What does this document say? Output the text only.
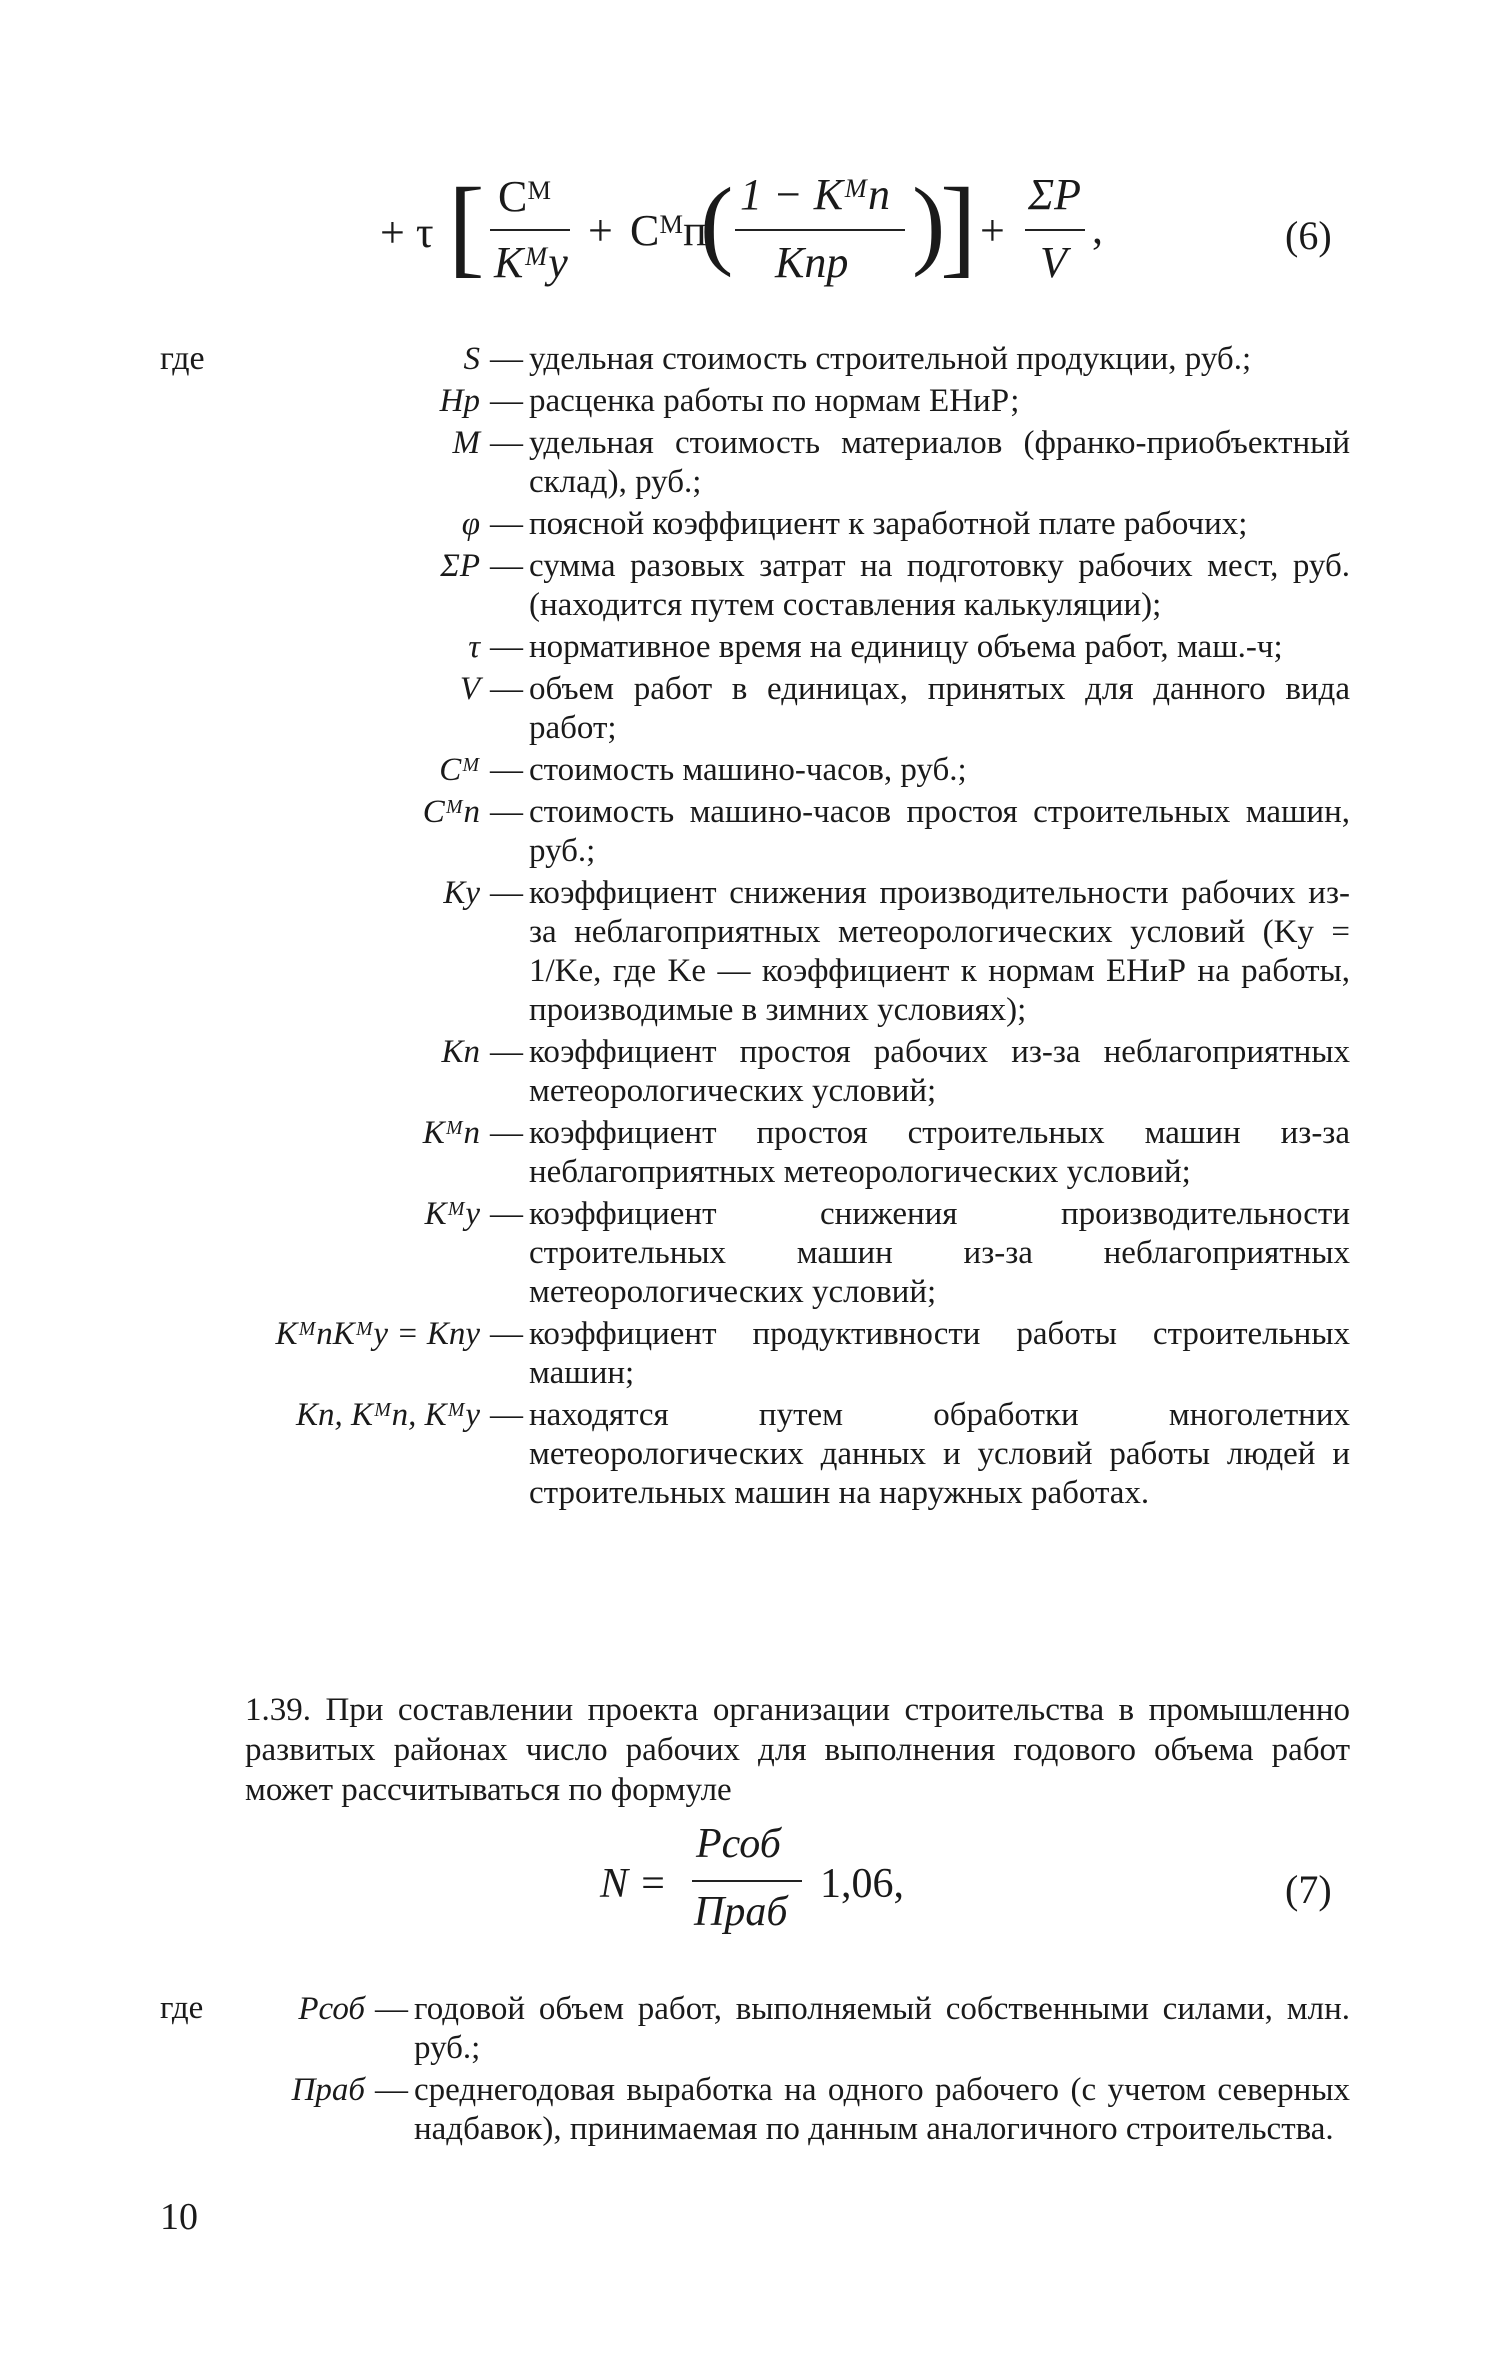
+ τ [ Cᴹ
Kᴹу
+ Cᴹп
( 1 − Kᴹп
Kпр )
] +
ΣP
V
,	(6)
где	S — удельная стоимость строительной продукции, руб.;
Hр — расценка работы по нормам ЕНиР;
M — удельная стоимость материалов (франко-приобъектный склад), руб.;
φ — поясной коэффициент к заработной плате рабочих;
ΣP — сумма разовых затрат на подготовку рабочих мест, руб. (находится путем составления калькуляции);
τ — нормативное время на единицу объема работ, маш.-ч;
V — объем работ в единицах, принятых для данного вида работ;
Cᴹ — стоимость машино-часов, руб.;
Cᴹп — стоимость машино-часов простоя строительных машин, руб.;
Kу — коэффициент снижения производительности рабочих из-за неблагоприятных метеорологических условий (Kу = 1/Kе, где Kе — коэффициент к нормам ЕНиР на работы, производимые в зимних условиях);
Kп — коэффициент простоя рабочих из-за неблагоприятных метеорологических условий;
Kᴹп — коэффициент простоя строительных машин из-за неблагоприятных метеорологических условий;
Kᴹу — коэффициент снижения производительности строительных машин из-за неблагоприятных метеорологических условий;
KᴹпKᴹу = Kпу — коэффициент продуктивности работы строительных машин;
Kп, Kᴹп, Kᴹу — находятся путем обработки многолетних метеорологических данных и условий работы людей и строительных машин на наружных работах.
1.39. При составлении проекта организации строительства в промышленно развитых районах число рабочих для выполнения годового объема работ может рассчитываться по формуле
N =
Pсоб
Пpаб
1,06,	(7)
где	Pсоб — годовой объем работ, выполняемый собственными силами, млн. руб.;
Пpаб — среднегодовая выработка на одного рабочего (с учетом северных надбавок), принимаемая по данным аналогичного строительства.
10
